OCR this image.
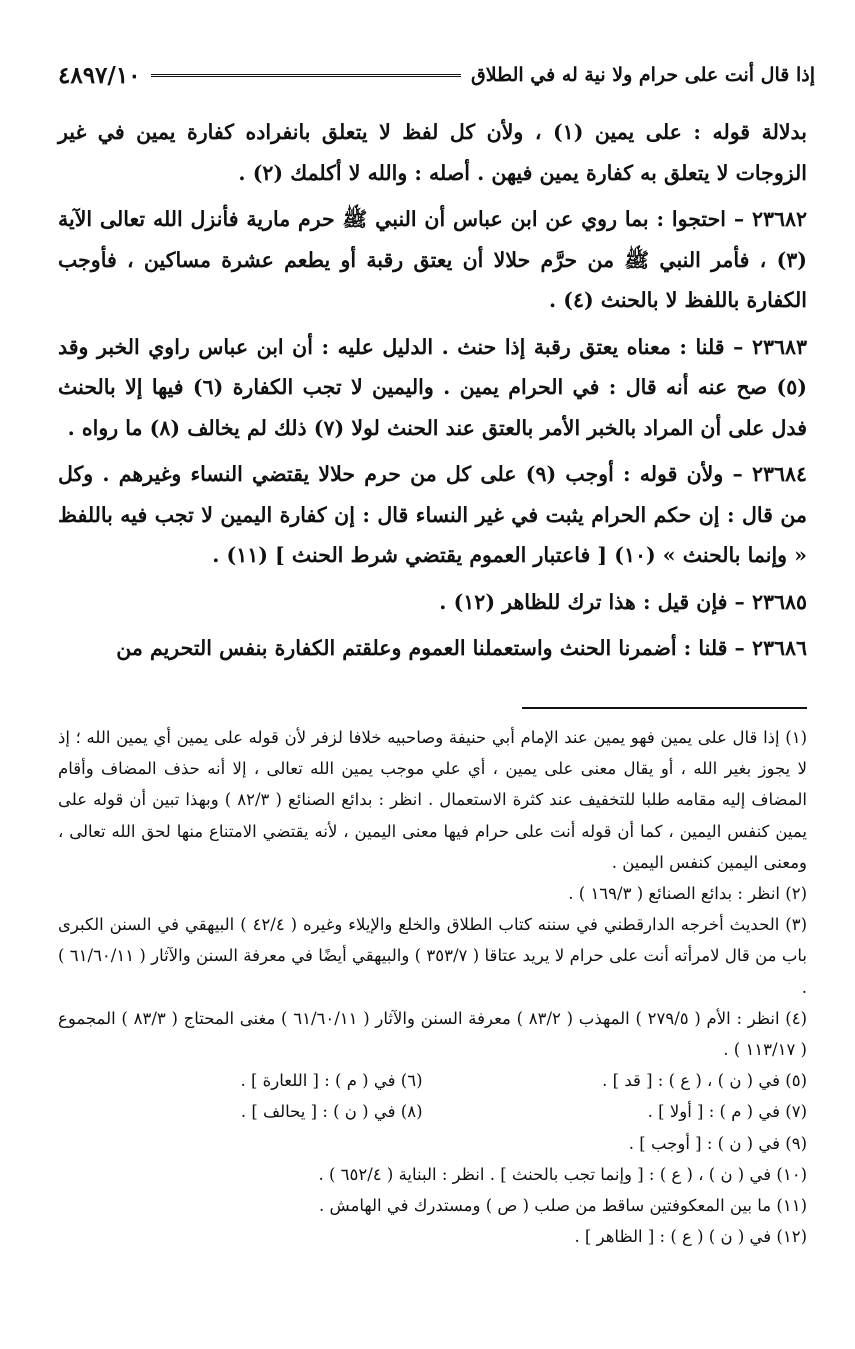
إذا قال أنت على حرام ولا نية له في الطلاق
٤٨٩٧/١٠

بدلالة قوله : على يمين (١) ، ولأن كل لفظ لا يتعلق بانفراده كفارة يمين في غير الزوجات لا يتعلق به كفارة يمين فيهن . أصله : والله لا أكلمك (٢) .

٢٣٦٨٢ – احتجوا : بما روي عن ابن عباس أن النبي ﷺ حرم مارية فأنزل الله تعالى الآية (٣) ، فأمر النبي ﷺ من حرَّم حلالا أن يعتق رقبة أو يطعم عشرة مساكين ، فأوجب الكفارة باللفظ لا بالحنث (٤) .

٢٣٦٨٣ – قلنا : معناه يعتق رقبة إذا حنث . الدليل عليه : أن ابن عباس راوي الخبر وقد (٥) صح عنه أنه قال : في الحرام يمين . واليمين لا تجب الكفارة (٦) فيها إلا بالحنث فدل على أن المراد بالخبر الأمر بالعتق عند الحنث لولا (٧) ذلك لم يخالف (٨) ما رواه .

٢٣٦٨٤ – ولأن قوله : أوجب (٩) على كل من حرم حلالا يقتضي النساء وغيرهم . وكل من قال : إن حكم الحرام يثبت في غير النساء قال : إن كفارة اليمين لا تجب فيه باللفظ « وإنما بالحنث » (١٠) [ فاعتبار العموم يقتضي شرط الحنث ] (١١) .

٢٣٦٨٥ – فإن قيل : هذا ترك للظاهر (١٢) .

٢٣٦٨٦ – قلنا : أضمرنا الحنث واستعملنا العموم وعلقتم الكفارة بنفس التحريم من

(١) إذا قال على يمين فهو يمين عند الإمام أبي حنيفة وصاحبيه خلافا لزفر لأن قوله على يمين أي يمين الله ؛ إذ لا يجوز بغير الله ، أو يقال معنى على يمين ، أي علي موجب يمين الله تعالى ، إلا أنه حذف المضاف وأقام المضاف إليه مقامه طلبا للتخفيف عند كثرة الاستعمال . انظر : بدائع الصنائع ( ٨٢/٣ ) وبهذا تبين أن قوله على يمين كنفس اليمين ، كما أن قوله أنت على حرام فيها معنى اليمين ، لأنه يقتضي الامتناع منها لحق الله تعالى ، ومعنى اليمين كنفس اليمين .

(٢) انظر : بدائع الصنائع ( ١٦٩/٣ ) .

(٣) الحديث أخرجه الدارقطني في سننه كتاب الطلاق والخلع والإيلاء وغيره ( ٤٢/٤ ) البيهقي في السنن الكبرى باب من قال لامرأته أنت على حرام لا يريد عتاقا ( ٣٥٣/٧ ) والبيهقي أيضًا في معرفة السنن والآثار ( ٦١/٦٠/١١ ) .

(٤) انظر : الأم ( ٢٧٩/٥ ) المهذب ( ٨٣/٢ ) معرفة السنن والآثار ( ٦١/٦٠/١١ ) مغنى المحتاج ( ٨٣/٣ ) المجموع ( ١١٣/١٧ ) .

(٥) في ( ن ) ، ( ع ) : [ قد ] .

(٦) في ( م ) : [ اللعارة ] .

(٧) في ( م ) : [ أولا ] .

(٨) في ( ن ) : [ يحالف ] .

(٩) في ( ن ) : [ أوجب ] .

(١٠) في ( ن ) ، ( ع ) : [ وإنما تجب بالحنث ] . انظر : البناية ( ٦٥٢/٤ ) .

(١١) ما بين المعكوفتين ساقط من صلب ( ص ) ومستدرك في الهامش .

(١٢) في ( ن ) ( ع ) : [ الظاهر ] .
